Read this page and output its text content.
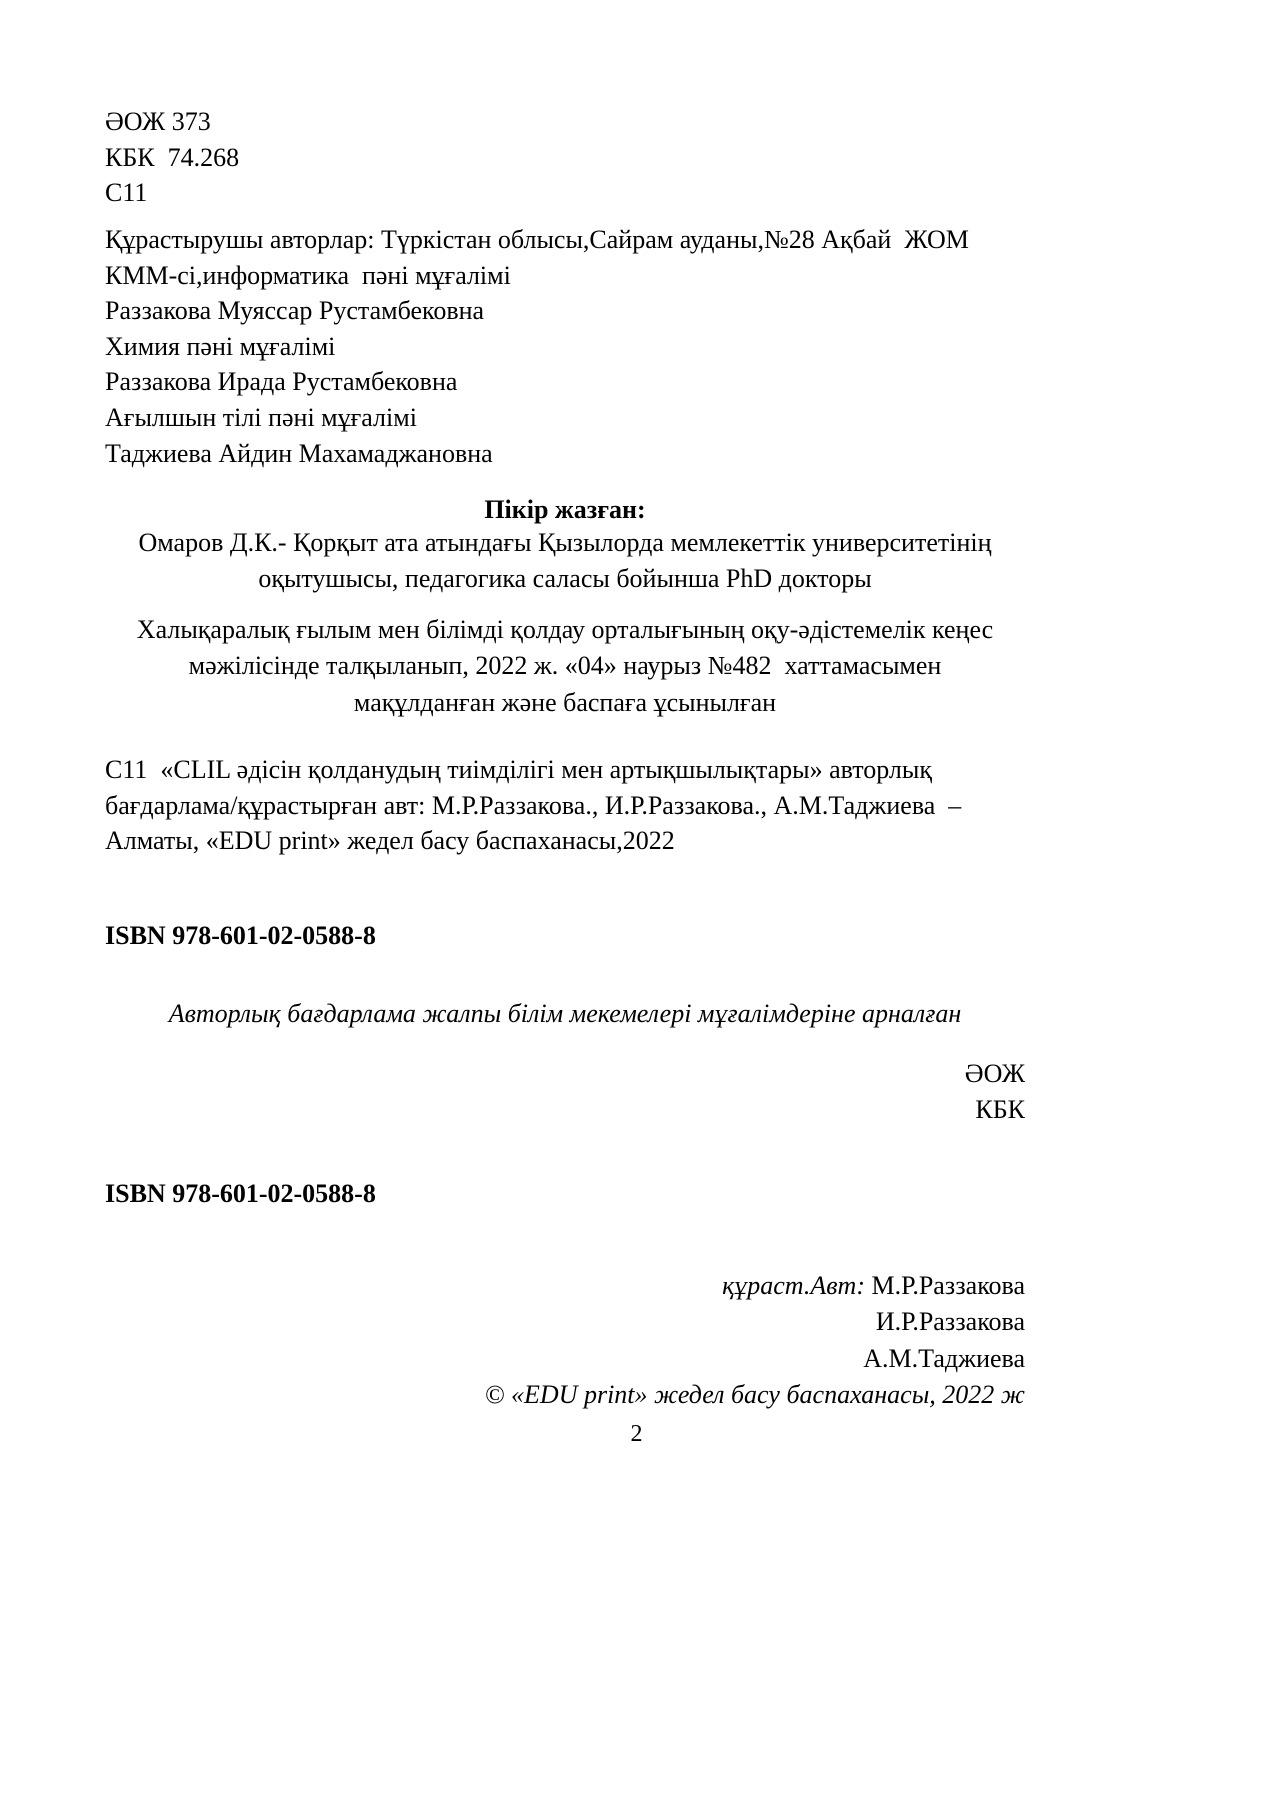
ӘОЖ 373
КБК  74.268
С11
Құрастырушы авторлар: Түркістан облысы,Сайрам ауданы,№28 Ақбай  ЖОМ
КММ-сі,информатика  пәні мұғалімі
Раззакова Муяссар Рустамбековна
Химия пәні мұғалімі
Раззакова Ирада Рустамбековна
Ағылшын тілі пәні мұғалімі
Таджиева Айдин Махамаджановна
Пікір жазған:
Омаров Д.К.- Қорқыт ата атындағы Қызылорда мемлекеттік университетінің
оқытушысы, педагогика саласы бойынша PhD докторы
Халықаралық ғылым мен білімді қолдау орталығының оқу-әдістемелік кеңес
мәжілісінде талқыланып, 2022 ж. «04» наурыз №482  хаттамасымен
мақұлданған және баспаға ұсынылған
С11  «CLIL әдісін қолданудың тиімділігі мен артықшылықтары» авторлық
бағдарлама/құрастырған авт: М.Р.Раззакова., И.Р.Раззакова., А.М.Таджиева  –
Алматы, «EDU print» жедел басу баспаханасы,2022
ISBN 978-601-02-0588-8
Авторлық бағдарлама жалпы білім мекемелері мұғалімдеріне арналған
ӘОЖ
КБК
ISBN 978-601-02-0588-8
құраст.Авт: М.Р.Раззакова
И.Р.Раззакова
А.М.Таджиева
© «EDU print» жедел басу баспаханасы, 2022 ж
2
